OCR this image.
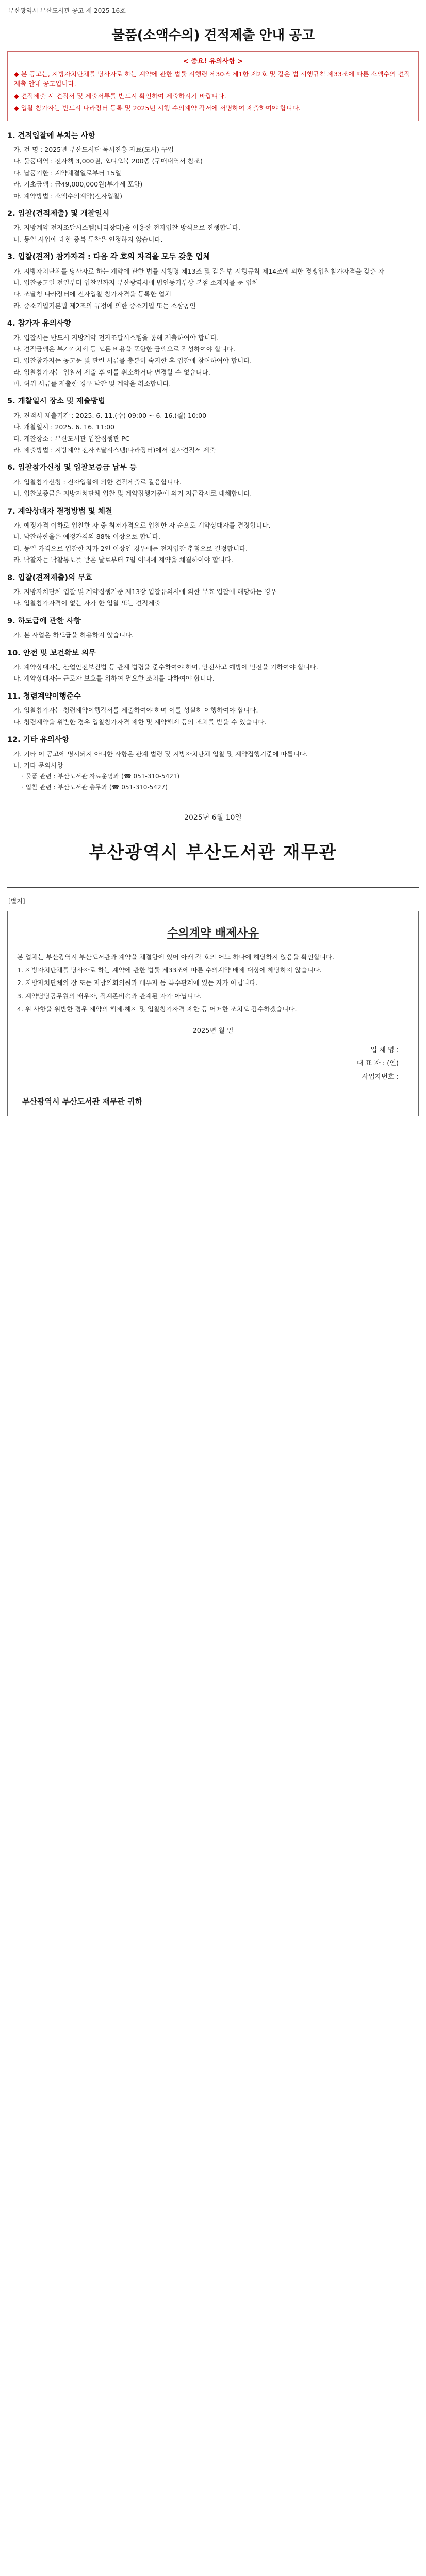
부산광역시 부산도서관 공고 제 2025-16호
물품(소액수의) 견적제출 안내 공고
< 중요! 유의사항 >

◆ 본 공고는, 지방자치단체를 당사자로 하는 계약에 관한 법률 시행령 제30조 제1항 제2호 및 같은 법 시행규칙 제33조에 따른 소액수의 견적제출 안내 공고입니다.

◆ 견적제출 시 견적서 및 제출서류를 반드시 확인하여 제출하시기 바랍니다.

◆ 입찰 참가자는 반드시 나라장터 등록 및 2025년 시행 수의계약 각서에 서명하여 제출하여야 합니다.

1. 견적입찰에 부치는 사항
가. 건 명 : 2025년 부산도서관 독서진흥 자료(도서) 구입
나. 물품내역 : 전자책 3,000권, 오디오북 200종 (구매내역서 참조)
다. 납품기한 : 계약체결일로부터 15일
라. 기초금액 : 금49,000,000원(부가세 포함)
마. 계약방법 : 소액수의계약(전자입찰)
2. 입찰(견적제출) 및 개찰일시
가. 지방계약 전자조달시스템(나라장터)을 이용한 전자입찰 방식으로 진행합니다.
나. 동일 사업에 대한 중복 투찰은 인정하지 않습니다.
3. 입찰(견적) 참가자격 : 다음 각 호의 자격을 모두 갖춘 업체
가. 지방자치단체를 당사자로 하는 계약에 관한 법률 시행령 제13조 및 같은 법 시행규칙 제14조에 의한 경쟁입찰참가자격을 갖춘 자
나. 입찰공고일 전일부터 입찰일까지 부산광역시에 법인등기부상 본점 소재지를 둔 업체
다. 조달청 나라장터에 전자입찰 참가자격을 등록한 업체
라. 중소기업기본법 제2조의 규정에 의한 중소기업 또는 소상공인
4. 참가자 유의사항
가. 입찰서는 반드시 지방계약 전자조달시스템을 통해 제출하여야 합니다.
나. 견적금액은 부가가치세 등 모든 비용을 포함한 금액으로 작성하여야 합니다.
다. 입찰참가자는 공고문 및 관련 서류를 충분히 숙지한 후 입찰에 참여하여야 합니다.
라. 입찰참가자는 입찰서 제출 후 이를 취소하거나 변경할 수 없습니다.
마. 허위 서류를 제출한 경우 낙찰 및 계약을 취소합니다.
5. 개찰일시 장소 및 제출방법
가. 견적서 제출기간 : 2025. 6. 11.(수) 09:00 ~ 6. 16.(월) 10:00
나. 개찰일시 : 2025. 6. 16. 11:00
다. 개찰장소 : 부산도서관 입찰집행관 PC
라. 제출방법 : 지방계약 전자조달시스템(나라장터)에서 전자견적서 제출
6. 입찰참가신청 및 입찰보증금 납부 등
가. 입찰참가신청 : 전자입찰에 의한 견적제출로 갈음합니다.
나. 입찰보증금은 지방자치단체 입찰 및 계약집행기준에 의거 지급각서로 대체합니다.
7. 계약상대자 결정방법 및 체결
가. 예정가격 이하로 입찰한 자 중 최저가격으로 입찰한 자 순으로 계약상대자를 결정합니다.
나. 낙찰하한율은 예정가격의 88% 이상으로 합니다.
다. 동일 가격으로 입찰한 자가 2인 이상인 경우에는 전자입찰 추첨으로 결정합니다.
라. 낙찰자는 낙찰통보를 받은 날로부터 7일 이내에 계약을 체결하여야 합니다.
8. 입찰(견적제출)의 무효
가. 지방자치단체 입찰 및 계약집행기준 제13장 입찰유의서에 의한 무효 입찰에 해당하는 경우
나. 입찰참가자격이 없는 자가 한 입찰 또는 견적제출
9. 하도급에 관한 사항
가. 본 사업은 하도급을 허용하지 않습니다.
10. 안전 및 보건확보 의무
가. 계약상대자는 산업안전보건법 등 관계 법령을 준수하여야 하며, 안전사고 예방에 만전을 기하여야 합니다.
나. 계약상대자는 근로자 보호를 위하여 필요한 조치를 다하여야 합니다.
11. 청렴계약이행준수
가. 입찰참가자는 청렴계약이행각서를 제출하여야 하며 이를 성실히 이행하여야 합니다.
나. 청렴계약을 위반한 경우 입찰참가자격 제한 및 계약해제 등의 조치를 받을 수 있습니다.
12. 기타 유의사항
가. 기타 이 공고에 명시되지 아니한 사항은 관계 법령 및 지방자치단체 입찰 및 계약집행기준에 따릅니다.
나. 기타 문의사항
· 물품 관련 : 부산도서관 자료운영과 (☎ 051-310-5421)
· 입찰 관련 : 부산도서관 총무과 (☎ 051-310-5427)
2025년 6월 10일
부산광역시 부산도서관 재무관
[별지]
수의계약 배제사유

본 업체는 부산광역시 부산도서관과 계약을 체결함에 있어 아래 각 호의 어느 하나에 해당하지 않음을 확인합니다.

1. 지방자치단체를 당사자로 하는 계약에 관한 법률 제33조에 따른 수의계약 배제 대상에 해당하지 않습니다.

2. 지방자치단체의 장 또는 지방의회의원과 배우자 등 특수관계에 있는 자가 아닙니다.

3. 계약담당공무원의 배우자, 직계존비속과 관계된 자가 아닙니다.

4. 위 사항을 위반한 경우 계약의 해제·해지 및 입찰참가자격 제한 등 어떠한 조치도 감수하겠습니다.

2025년 월 일
업 체 명 :
대 표 자 : (인)
사업자번호 :
부산광역시 부산도서관 재무관 귀하
